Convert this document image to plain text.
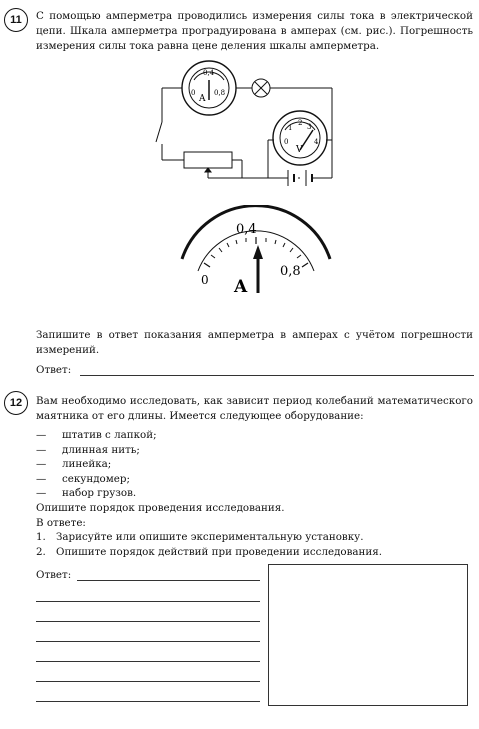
11	С помощью амперметра проводились измерения силы тока в электрической цепи. Шкала амперметра проградуирована в амперах (см. рис.). Погрешность измерения силы тока равна цене деления шкалы амперметра.
A
0
0,4
0,8
V
0
1
2 3
4
0
0,4
0,8
A
Запишите в ответ показания амперметра в амперах с учётом погрешности измерений.
Ответ:
12	Вам необходимо исследовать, как зависит период колебаний математического маятника от его длины. Имеется следующее оборудование:
—	штатив с лапкой;
—	длинная нить;
—	линейка;
—	секундомер;
—	набор грузов.
Опишите порядок проведения исследования.
В ответе:
1. Зарисуйте или опишите экспериментальную установку.
2. Опишите порядок действий при проведении исследования.
Ответ:
